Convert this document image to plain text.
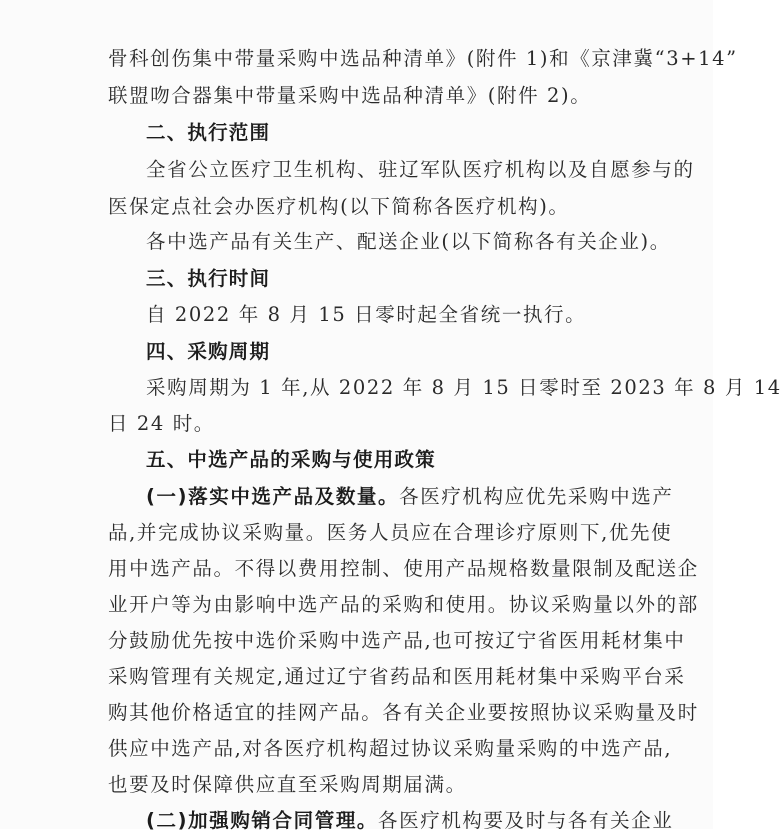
骨科创伤集中带量采购中选品种清单》(附件 1)和《京津冀“3+14”
联盟吻合器集中带量采购中选品种清单》(附件 2)。
二、执行范围
全省公立医疗卫生机构、驻辽军队医疗机构以及自愿参与的
医保定点社会办医疗机构(以下简称各医疗机构)。
各中选产品有关生产、配送企业(以下简称各有关企业)。
三、执行时间
自 2022 年 8 月 15 日零时起全省统一执行。
四、采购周期
采购周期为 1 年,从 2022 年 8 月 15 日零时至 2023 年 8 月 14
日 24 时。
五、中选产品的采购与使用政策
(一)落实中选产品及数量。各医疗机构应优先采购中选产
品,并完成协议采购量。医务人员应在合理诊疗原则下,优先使
用中选产品。不得以费用控制、使用产品规格数量限制及配送企
业开户等为由影响中选产品的采购和使用。协议采购量以外的部
分鼓励优先按中选价采购中选产品,也可按辽宁省医用耗材集中
采购管理有关规定,通过辽宁省药品和医用耗材集中采购平台采
购其他价格适宜的挂网产品。各有关企业要按照协议采购量及时
供应中选产品,对各医疗机构超过协议采购量采购的中选产品,
也要及时保障供应直至采购周期届满。
(二)加强购销合同管理。各医疗机构要及时与各有关企业
